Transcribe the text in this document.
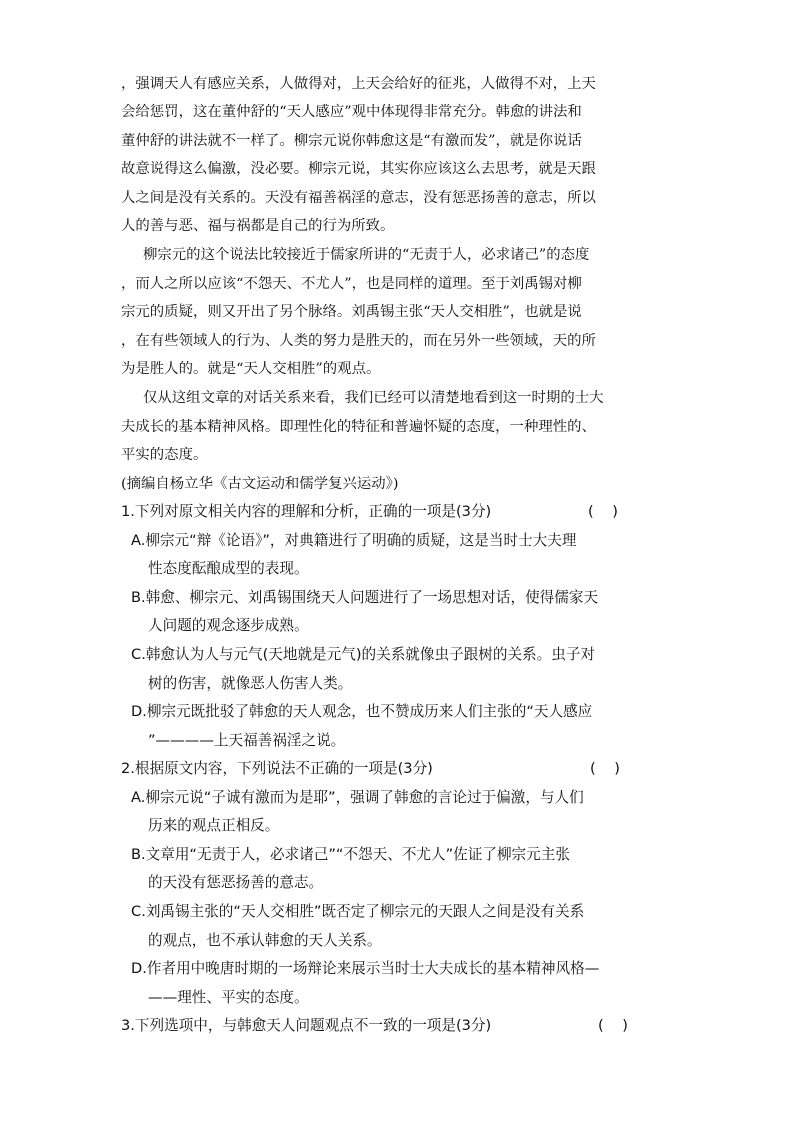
，强调天人有感应关系，人做得对，上天会给好的征兆，人做得不对，上天
会给惩罚，这在董仲舒的“天人感应”观中体现得非常充分。韩愈的讲法和
董仲舒的讲法就不一样了。柳宗元说你韩愈这是“有激而发”，就是你说话
故意说得这么偏激，没必要。柳宗元说，其实你应该这么去思考，就是天跟
人之间是没有关系的。天没有福善祸淫的意志，没有惩恶扬善的意志，所以
人的善与恶、福与祸都是自己的行为所致。
柳宗元的这个说法比较接近于儒家所讲的“无责于人，必求诸己”的态度
，而人之所以应该“不怨天、不尤人”，也是同样的道理。至于刘禹锡对柳
宗元的质疑，则又开出了另个脉络。刘禹锡主张“天人交相胜”，也就是说
，在有些领域人的行为、人类的努力是胜天的，而在另外一些领域，天的所
为是胜人的。就是“天人交相胜”的观点。
仅从这组文章的对话关系来看，我们已经可以清楚地看到这一时期的士大
夫成长的基本精神风格。即理性化的特征和普遍怀疑的态度，一种理性的、
平实的态度。
(摘编自杨立华《古文运动和儒学复兴运动》)
1.下列对原文相关内容的理解和分析，正确的一项是(3分)	(    )
A.柳宗元“辩《论语》”，对典籍进行了明确的质疑，这是当时士大夫理
性态度酝酿成型的表现。
B.韩愈、柳宗元、刘禹锡围绕天人问题进行了一场思想对话，使得儒家天
人问题的观念逐步成熟。
C.韩愈认为人与元气(天地就是元气)的关系就像虫子跟树的关系。虫子对
树的伤害，就像恶人伤害人类。
D.柳宗元既批驳了韩愈的天人观念，也不赞成历来人们主张的“天人感应
”————上天福善祸淫之说。
2.根据原文内容，下列说法不正确的一项是(3分)	(    )
A.柳宗元说“子诚有激而为是耶”，强调了韩愈的言论过于偏激，与人们
历来的观点正相反。
B.文章用“无责于人，必求诸己”“不怨天、不尤人”佐证了柳宗元主张
的天没有惩恶扬善的意志。
C.刘禹锡主张的“天人交相胜”既否定了柳宗元的天跟人之间是没有关系
的观点，也不承认韩愈的天人关系。
D.作者用中晚唐时期的一场辩论来展示当时士大夫成长的基本精神风格—
——理性、平实的态度。
3.下列选项中，与韩愈天人问题观点不一致的一项是(3分)	(    )
